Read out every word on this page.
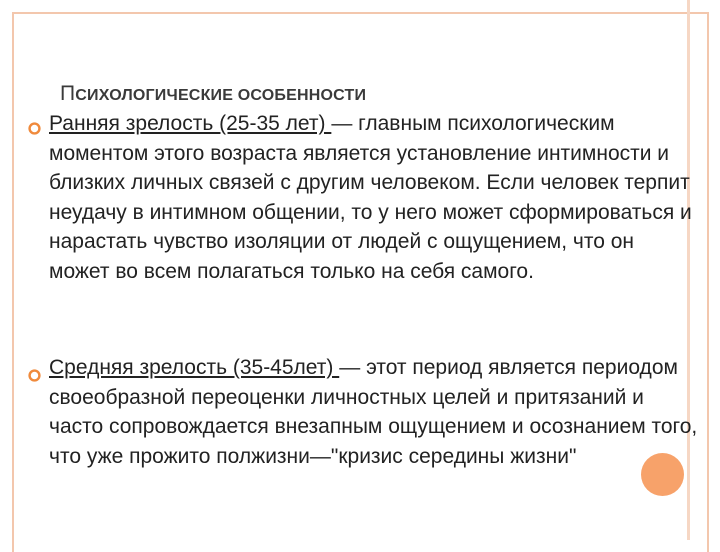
ПСИХОЛОГИЧЕСКИЕ ОСОБЕННОСТИ
Ранняя зрелость (25-35 лет) — главным психологическим моментом этого возраста является установление интимности и близких личных связей с другим человеком. Если человек терпит неудачу в интимном общении, то у него может сформироваться и нарастать чувство изоляции от людей с ощущением, что он может во всем полагаться только на себя самого.
Средняя зрелость (35-45лет) — этот период является периодом своеобразной переоценки личностных целей и притязаний и часто сопровождается внезапным ощущением и осознанием того, что уже прожито полжизни—"кризис середины жизни"
